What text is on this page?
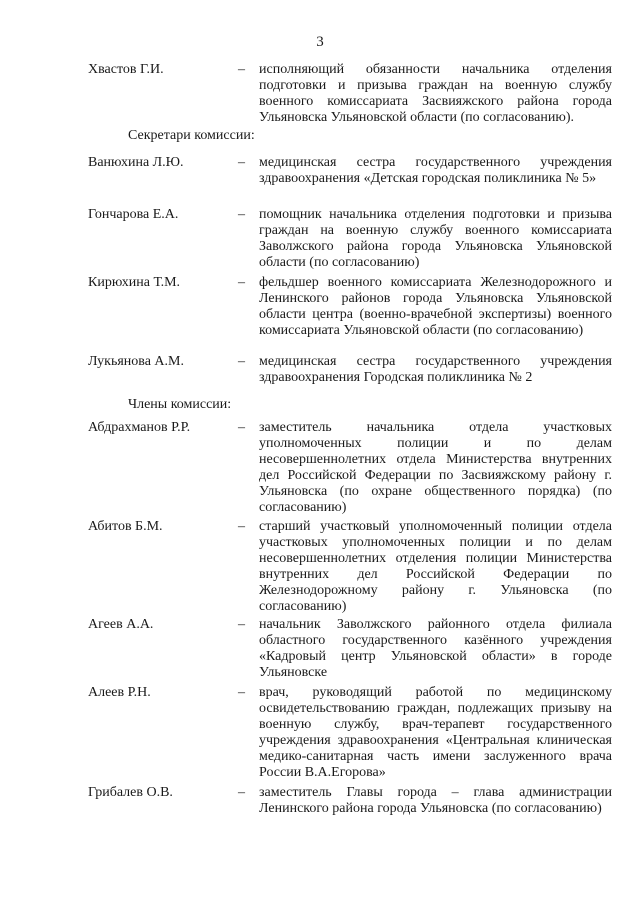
3
Хвастов Г.И.	– исполняющий обязанности начальника отделения подготовки и призыва граждан на военную службу военного комиссариата Засвияжского района города Ульяновска Ульяновской области (по согласованию).
Секретари комиссии:
Ванюхина Л.Ю.	– медицинская сестра государственного учреждения здравоохранения «Детская городская поликлиника № 5»
Гончарова Е.А.	– помощник начальника отделения подготовки и призыва граждан на военную службу военного комиссариата Заволжского района города Ульяновска Ульяновской области (по согласованию)
Кирюхина Т.М.	– фельдшер военного комиссариата Железнодорожного и Ленинского районов города Ульяновска Ульяновской области центра (военно-врачебной экспертизы) военного комиссариата Ульяновской области (по согласованию)
Лукьянова А.М.	– медицинская сестра государственного учреждения здравоохранения Городская поликлиника № 2
Члены комиссии:
Абдрахманов Р.Р.	– заместитель начальника отдела участковых уполномоченных полиции и по делам несовершеннолетних отдела Министерства внутренних дел Российской Федерации по Засвияжскому району г. Ульяновска (по охране общественного порядка) (по согласованию)
Абитов Б.М.	– старший участковый уполномоченный полиции отдела участковых уполномоченных полиции и по делам несовершеннолетних отделения полиции Министерства внутренних дел Российской Федерации по Железнодорожному району г. Ульяновска (по согласованию)
Агеев А.А.	– начальник Заволжского районного отдела филиала областного государственного казённого учреждения «Кадровый центр Ульяновской области» в городе Ульяновске
Алеев Р.Н.	– врач, руководящий работой по медицинскому освидетельствованию граждан, подлежащих призыву на военную службу, врач-терапевт государственного учреждения здравоохранения «Центральная клиническая медико-санитарная часть имени заслуженного врача России В.А.Егорова»
Грибалев О.В.	– заместитель Главы города – глава администрации Ленинского района города Ульяновска (по согласованию)
